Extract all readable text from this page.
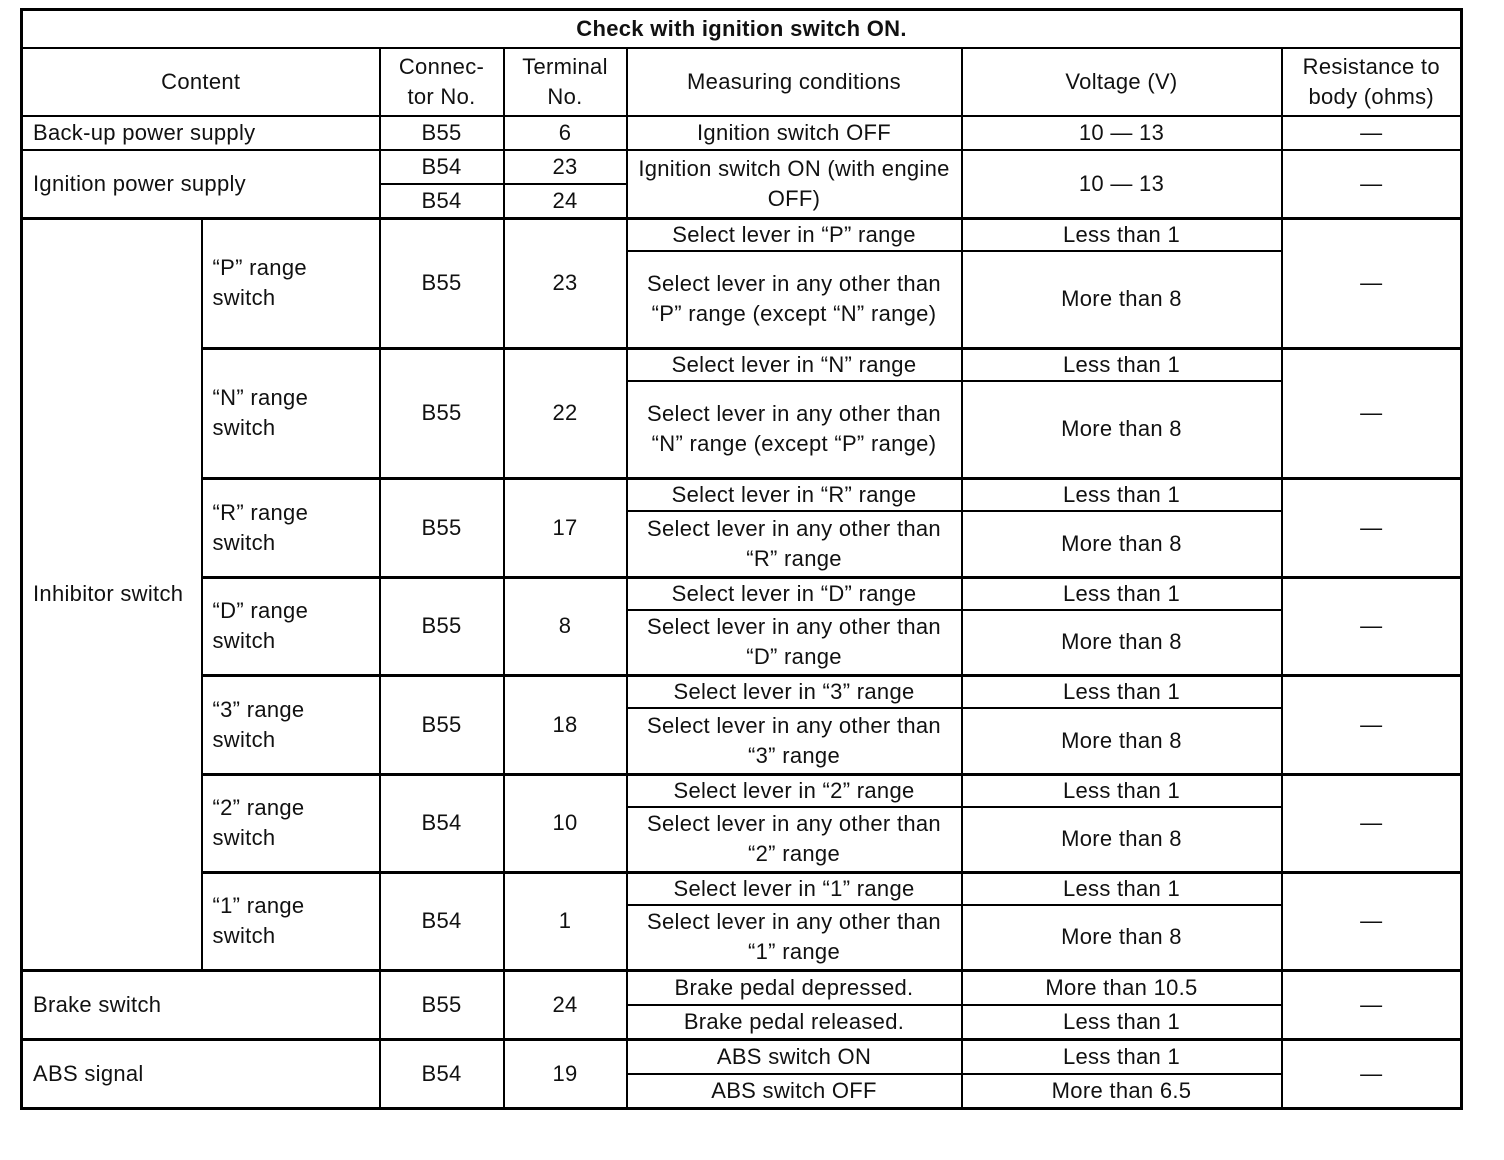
Check with ignition switch ON.						
Content		Connec-tor No.	Terminal No.	Measuring conditions	Voltage (V)	Resistance to body (ohms)
Back-up power supply		B55	6	Ignition switch OFF	10 — 13	—
Ignition power supply		B54	23	Ignition switch ON (with engine OFF)	10 — 13	—
		B54	24			
Inhibitor switch	“P” range switch	B55	23	Select lever in “P” range	Less than 1	—
				Select lever in any other than “P” range (except “N” range)	More than 8	
	“N” range switch	B55	22	Select lever in “N” range	Less than 1	—
				Select lever in any other than “N” range (except “P” range)	More than 8	
	“R” range switch	B55	17	Select lever in “R” range	Less than 1	—
				Select lever in any other than “R” range	More than 8	
	“D” range switch	B55	8	Select lever in “D” range	Less than 1	—
				Select lever in any other than “D” range	More than 8	
	“3” range switch	B55	18	Select lever in “3” range	Less than 1	—
				Select lever in any other than “3” range	More than 8	
	“2” range switch	B54	10	Select lever in “2” range	Less than 1	—
				Select lever in any other than “2” range	More than 8	
	“1” range switch	B54	1	Select lever in “1” range	Less than 1	—
				Select lever in any other than “1” range	More than 8	
Brake switch		B55	24	Brake pedal depressed.	More than 10.5	—
				Brake pedal released.	Less than 1	
ABS signal		B54	19	ABS switch ON	Less than 1	—
				ABS switch OFF	More than 6.5	
